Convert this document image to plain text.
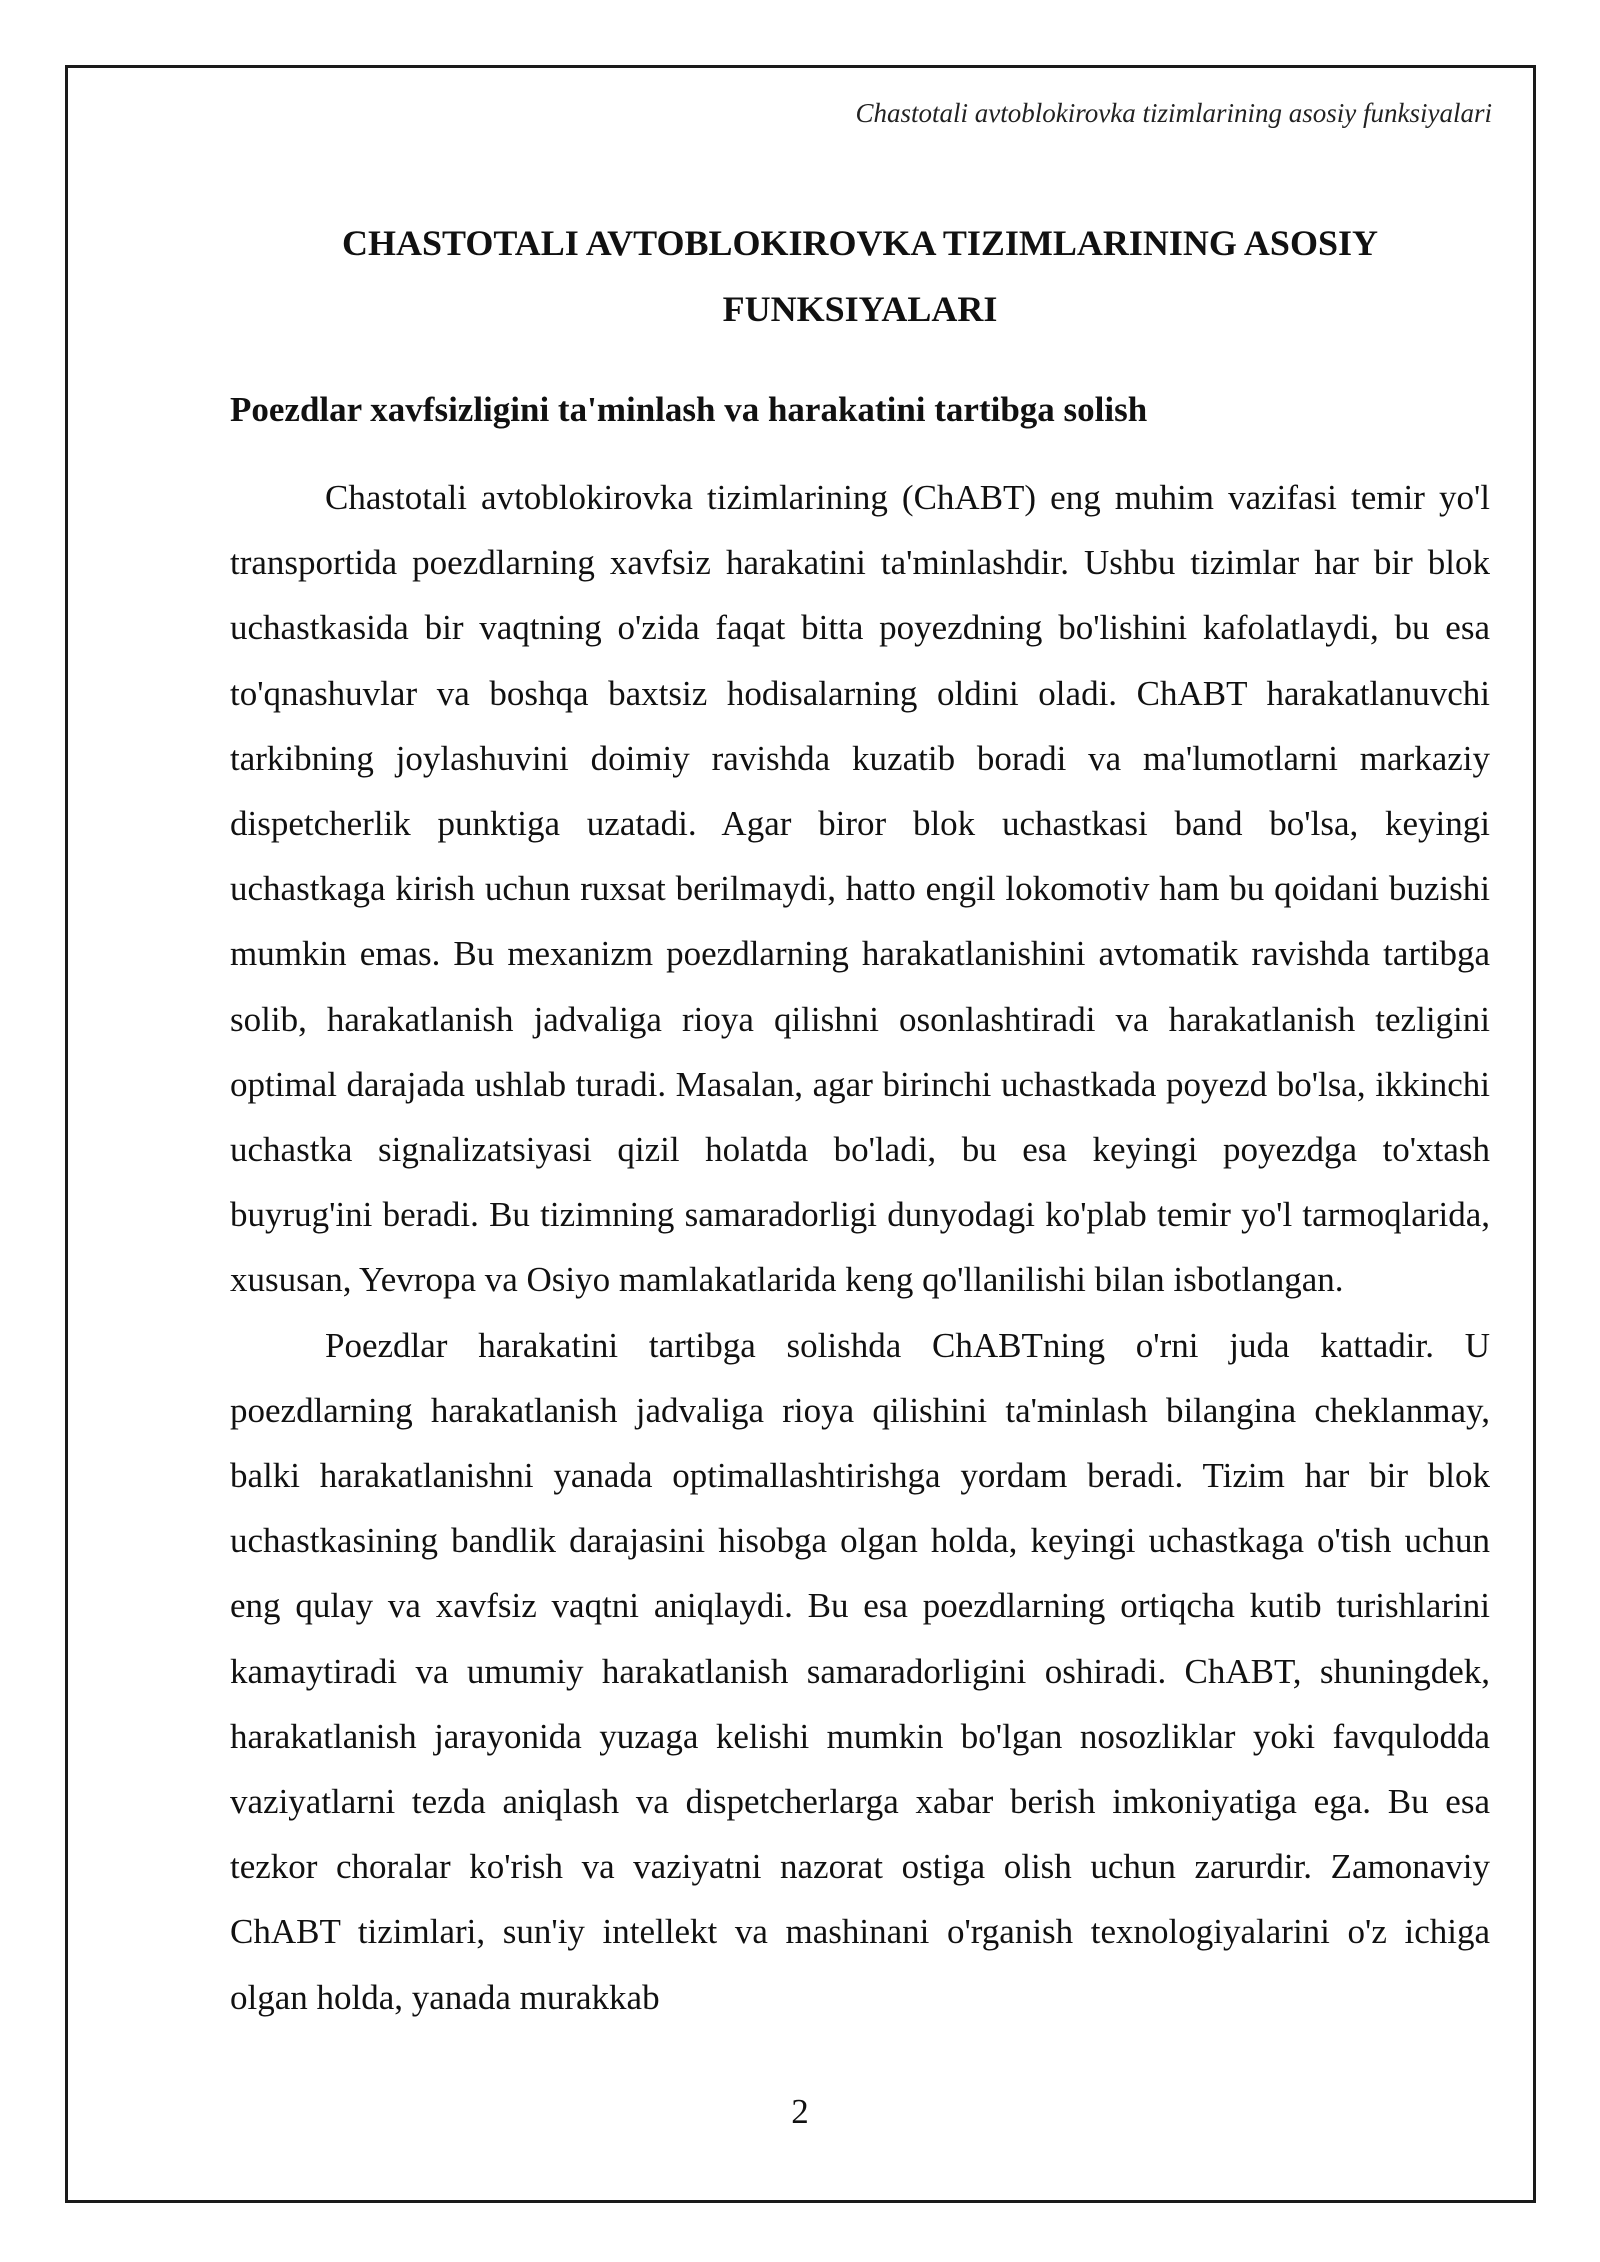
Chastotali avtoblokirovka tizimlarining asosiy funksiyalari
CHASTOTALI AVTOBLOKIROVKA TIZIMLARINING ASOSIY FUNKSIYALARI
Poezdlar xavfsizligini ta'minlash va harakatini tartibga solish

Chastotali avtoblokirovka tizimlarining (ChABT) eng muhim vazifasi temir yo'l transportida poezdlarning xavfsiz harakatini ta'minlashdir. Ushbu tizimlar har bir blok uchastkasida bir vaqtning o'zida faqat bitta poyezdning bo'lishini kafolatlaydi, bu esa to'qnashuvlar va boshqa baxtsiz hodisalarning oldini oladi. ChABT harakatlanuvchi tarkibning joylashuvini doimiy ravishda kuzatib boradi va ma'lumotlarni markaziy dispetcherlik punktiga uzatadi. Agar biror blok uchastkasi band bo'lsa, keyingi uchastkaga kirish uchun ruxsat berilmaydi, hatto engil lokomotiv ham bu qoidani buzishi mumkin emas. Bu mexanizm poezdlarning harakatlanishini avtomatik ravishda tartibga solib, harakatlanish jadvaliga rioya qilishni osonlashtiradi va harakatlanish tezligini optimal darajada ushlab turadi. Masalan, agar birinchi uchastkada poyezd bo'lsa, ikkinchi uchastka signalizatsiyasi qizil holatda bo'ladi, bu esa keyingi poyezdga to'xtash buyrug'ini beradi. Bu tizimning samaradorligi dunyodagi ko'plab temir yo'l tarmoqlarida, xususan, Yevropa va Osiyo mamlakatlarida keng qo'llanilishi bilan isbotlangan.

Poezdlar harakatini tartibga solishda ChABTning o'rni juda kattadir. U poezdlarning harakatlanish jadvaliga rioya qilishini ta'minlash bilangina cheklanmay, balki harakatlanishni yanada optimallashtirishga yordam beradi. Tizim har bir blok uchastkasining bandlik darajasini hisobga olgan holda, keyingi uchastkaga o'tish uchun eng qulay va xavfsiz vaqtni aniqlaydi. Bu esa poezdlarning ortiqcha kutib turishlarini kamaytiradi va umumiy harakatlanish samaradorligini oshiradi. ChABT, shuningdek, harakatlanish jarayonida yuzaga kelishi mumkin bo'lgan nosozliklar yoki favqulodda vaziyatlarni tezda aniqlash va dispetcherlarga xabar berish imkoniyatiga ega. Bu esa tezkor choralar ko'rish va vaziyatni nazorat ostiga olish uchun zarurdir. Zamonaviy ChABT tizimlari, sun'iy intellekt va mashinani o'rganish texnologiyalarini o'z ichiga olgan holda, yanada murakkab

2
